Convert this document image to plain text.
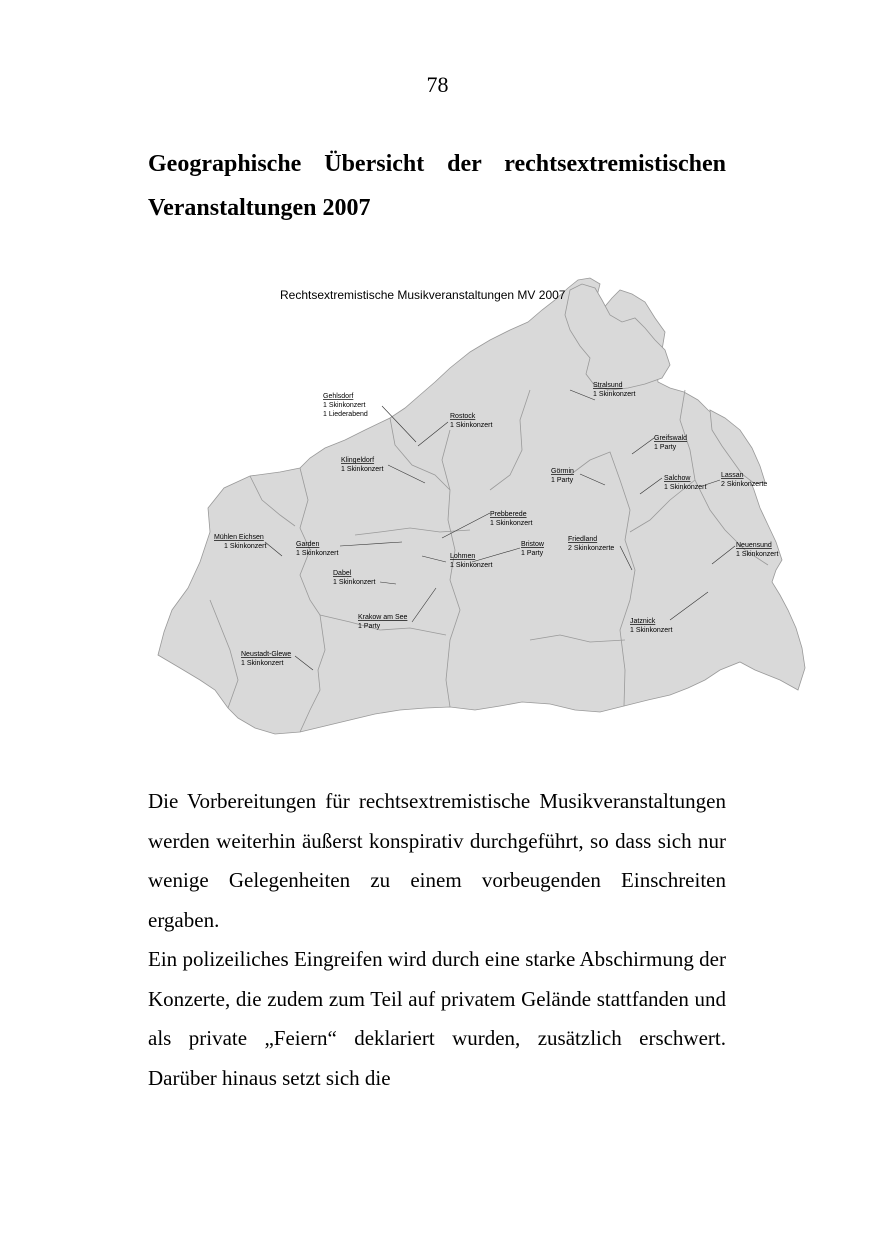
78
Geographische Übersicht der rechtsextremistischen Veranstaltungen 2007
Rechtsextremistische Musikveranstaltungen MV 2007
Gehlsdorf
1 Skinkonzert
1 Liederabend
Stralsund
1 Skinkonzert
Rostock
1 Skinkonzert
Greifswald
1 Party
Klingeldorf
1 Skinkonzert	Görmin
1 Party	Salchow
1 Skinkonzert
Lassan
2 Skinkonzerte
Prebberede
1 Skinkonzert
Mühlen Eichsen
1 Skinkonzert	Garden
1 Skinkonzert
Bristow
1 Party
Friedland
2 Skinkonzerte	Neuensund
1 Skinkonzert
Lohmen
1 Skinkonzert
Dabel
1 Skinkonzert
Krakow am See
1 Party
Jatznick
1 Skinkonzert
Neustadt-Glewe
1 Skinkonzert

Die Vorbereitungen für rechtsextremistische Musikveranstaltungen werden weiterhin äußerst konspirativ durchgeführt, so dass sich nur wenige Gelegenheiten zu einem vorbeugenden Einschreiten ergaben.

Ein polizeiliches Eingreifen wird durch eine starke Abschirmung der Konzerte, die zudem zum Teil auf privatem Gelände stattfanden und als private „Feiern“ deklariert wurden, zusätzlich erschwert. Darüber hinaus setzt sich die
